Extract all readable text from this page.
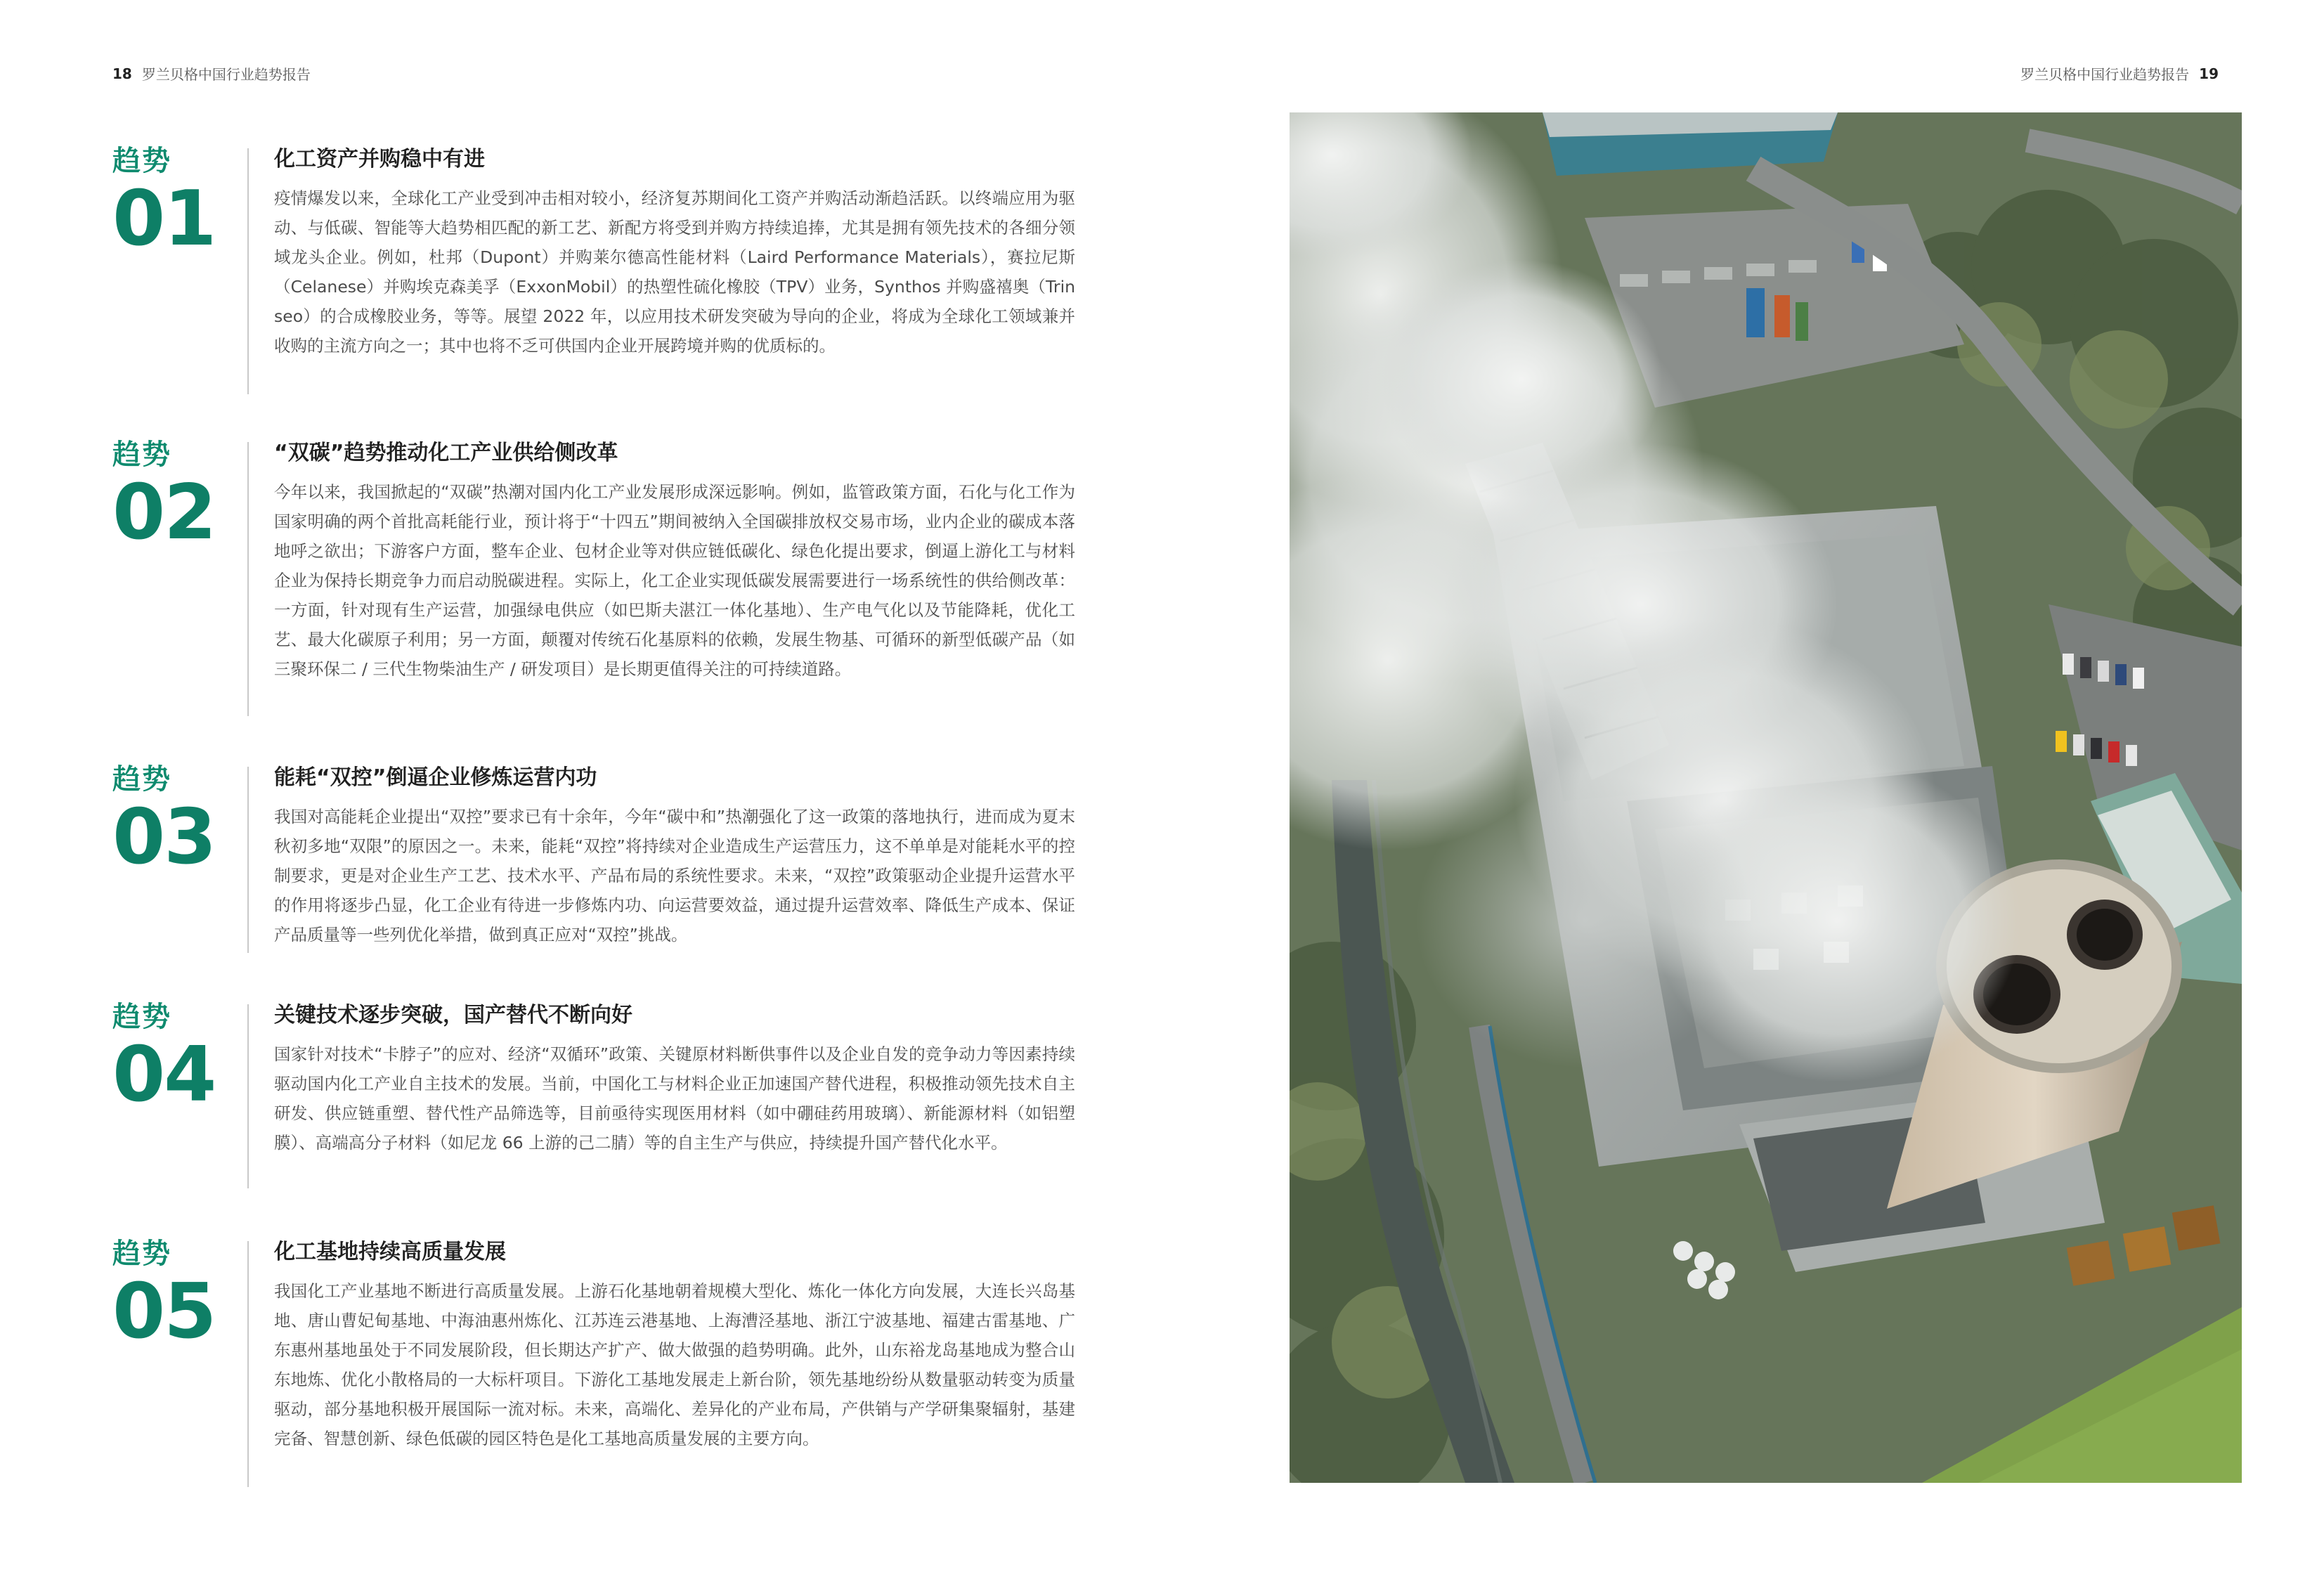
18 罗兰贝格中国行业趋势报告	罗兰贝格中国行业趋势报告 19
趋势
01
化工资产并购稳中有进

疫情爆发以来，全球化工产业受到冲击相对较小，经济复苏期间化工资产并购活动渐趋活跃。以终端应用为驱动、与低碳、智能等大趋势相匹配的新工艺、新配方将受到并购方持续追捧，尤其是拥有领先技术的各细分领域龙头企业。例如，杜邦（Dupont）并购莱尔德高性能材料（Laird Performance Materials），赛拉尼斯（Celanese）并购埃克森美孚（ExxonMobil）的热塑性硫化橡胶（TPV）业务，Synthos 并购盛禧奥（Trinseo）的合成橡胶业务，等等。展望 2022 年，以应用技术研发突破为导向的企业，将成为全球化工领域兼并收购的主流方向之一；其中也将不乏可供国内企业开展跨境并购的优质标的。

趋势
02
“双碳”趋势推动化工产业供给侧改革

今年以来，我国掀起的“双碳”热潮对国内化工产业发展形成深远影响。例如，监管政策方面，石化与化工作为国家明确的两个首批高耗能行业，预计将于“十四五”期间被纳入全国碳排放权交易市场，业内企业的碳成本落地呼之欲出；下游客户方面，整车企业、包材企业等对供应链低碳化、绿色化提出要求，倒逼上游化工与材料企业为保持长期竞争力而启动脱碳进程。实际上，化工企业实现低碳发展需要进行一场系统性的供给侧改革：一方面，针对现有生产运营，加强绿电供应（如巴斯夫湛江一体化基地）、生产电气化以及节能降耗，优化工艺、最大化碳原子利用；另一方面，颠覆对传统石化基原料的依赖，发展生物基、可循环的新型低碳产品（如三聚环保二 / 三代生物柴油生产 / 研发项目）是长期更值得关注的可持续道路。

趋势
03
能耗“双控”倒逼企业修炼运营内功

我国对高能耗企业提出“双控”要求已有十余年，今年“碳中和”热潮强化了这一政策的落地执行，进而成为夏末秋初多地“双限”的原因之一。未来，能耗“双控”将持续对企业造成生产运营压力，这不单单是对能耗水平的控制要求，更是对企业生产工艺、技术水平、产品布局的系统性要求。未来，“双控”政策驱动企业提升运营水平的作用将逐步凸显，化工企业有待进一步修炼内功、向运营要效益，通过提升运营效率、降低生产成本、保证产品质量等一些列优化举措，做到真正应对“双控”挑战。

趋势
04
关键技术逐步突破，国产替代不断向好

国家针对技术“卡脖子”的应对、经济“双循环”政策、关键原材料断供事件以及企业自发的竞争动力等因素持续驱动国内化工产业自主技术的发展。当前，中国化工与材料企业正加速国产替代进程，积极推动领先技术自主研发、供应链重塑、替代性产品筛选等，目前亟待实现医用材料（如中硼硅药用玻璃）、新能源材料（如铝塑膜）、高端高分子材料（如尼龙 66 上游的己二腈）等的自主生产与供应，持续提升国产替代化水平。

趋势
05
化工基地持续高质量发展

我国化工产业基地不断进行高质量发展。上游石化基地朝着规模大型化、炼化一体化方向发展，大连长兴岛基地、唐山曹妃甸基地、中海油惠州炼化、江苏连云港基地、上海漕泾基地、浙江宁波基地、福建古雷基地、广东惠州基地虽处于不同发展阶段，但长期达产扩产、做大做强的趋势明确。此外，山东裕龙岛基地成为整合山东地炼、优化小散格局的一大标杆项目。下游化工基地发展走上新台阶，领先基地纷纷从数量驱动转变为质量驱动，部分基地积极开展国际一流对标。未来，高端化、差异化的产业布局，产供销与产学研集聚辐射，基建完备、智慧创新、绿色低碳的园区特色是化工基地高质量发展的主要方向。
